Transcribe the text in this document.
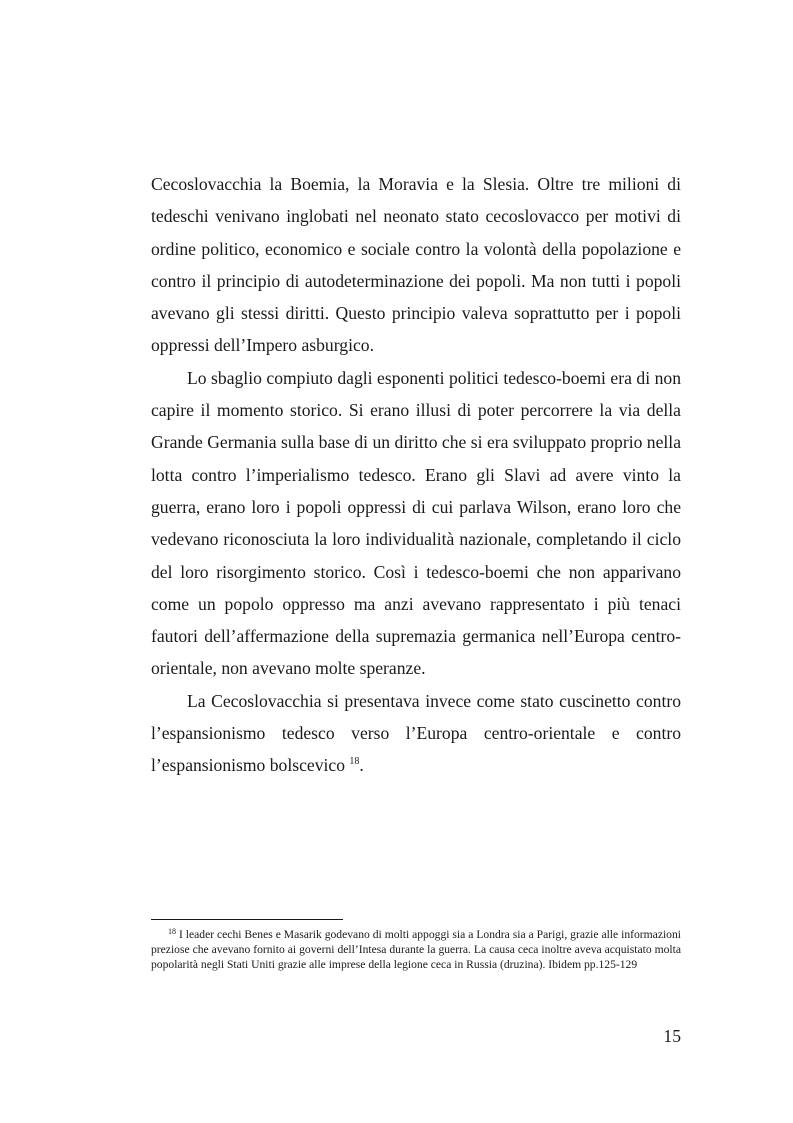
Cecoslovacchia la Boemia, la Moravia e la Slesia. Oltre tre milioni di tedeschi venivano inglobati nel neonato stato cecoslovacco per motivi di ordine politico, economico e sociale contro la volontà della popolazione e contro il principio di autodeterminazione dei popoli. Ma non tutti i popoli avevano gli stessi diritti. Questo principio valeva soprattutto per i popoli oppressi dell’Impero asburgico.

Lo sbaglio compiuto dagli esponenti politici tedesco-boemi era di non capire il momento storico. Si erano illusi di poter percorrere la via della Grande Germania sulla base di un diritto che si era sviluppato proprio nella lotta contro l’imperialismo tedesco. Erano gli Slavi ad avere vinto la guerra, erano loro i popoli oppressi di cui parlava Wilson, erano loro che vedevano riconosciuta la loro individualità nazionale, completando il ciclo del loro risorgimento storico. Così i tedesco-boemi che non apparivano come un popolo oppresso ma anzi avevano rappresentato i più tenaci fautori dell’affermazione della supremazia germanica nell’Europa centro-orientale, non avevano molte speranze.

La Cecoslovacchia si presentava invece come stato cuscinetto contro l’espansionismo tedesco verso l’Europa centro-orientale e contro l’espansionismo bolscevico $^{18}$.

$^{18}$ I leader cechi Benes e Masarik godevano di molti appoggi sia a Londra sia a Parigi, grazie alle informazioni preziose che avevano fornito ai governi dell’Intesa durante la guerra. La causa ceca inoltre aveva acquistato molta popolarità negli Stati Uniti grazie alle imprese della legione ceca in Russia (druzina). Ibidem pp.125-129

15
